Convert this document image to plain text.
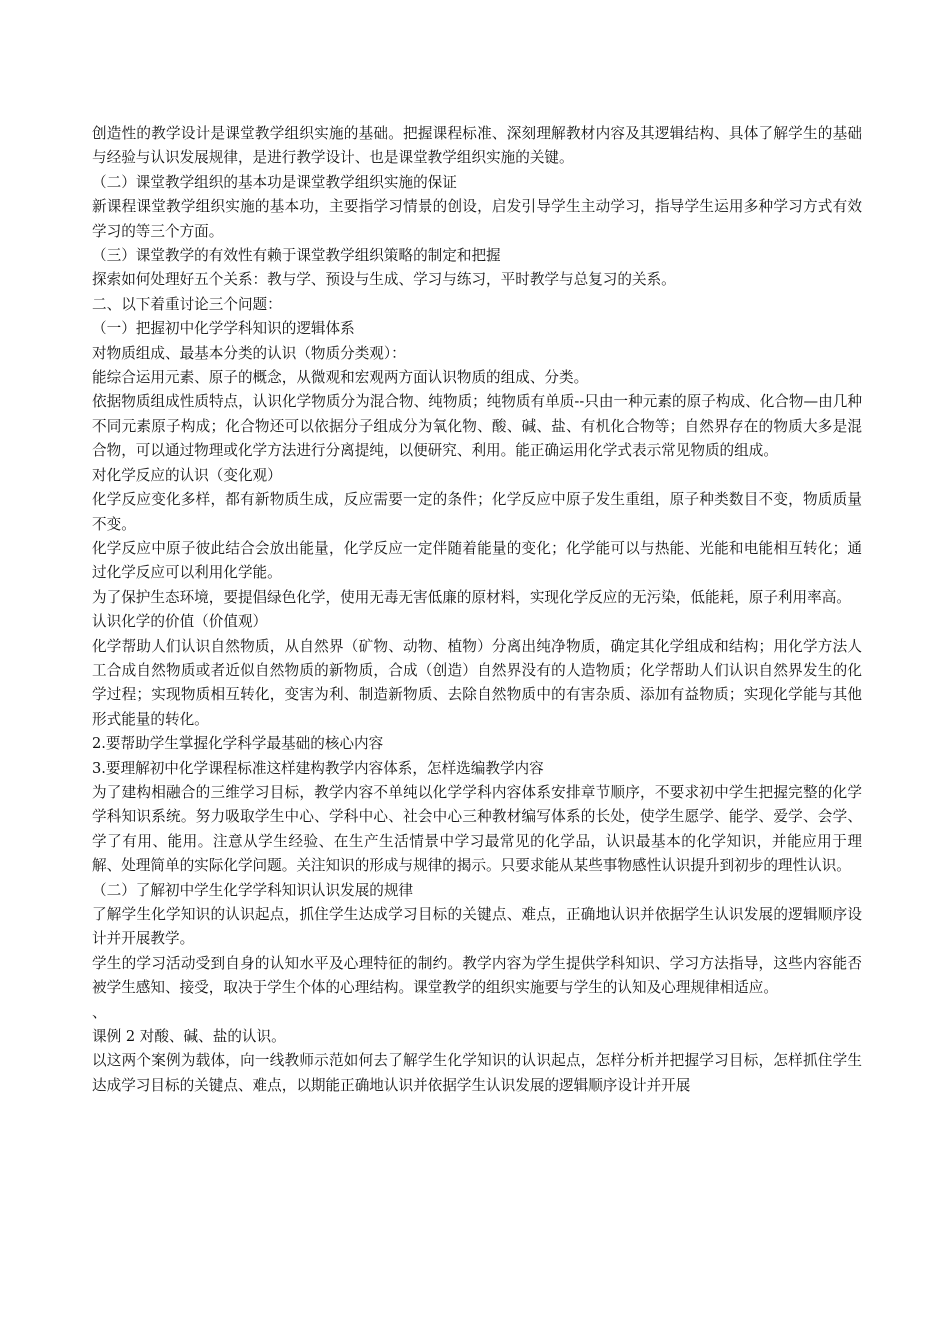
创造性的教学设计是课堂教学组织实施的基础。把握课程标准、深刻理解教材内容及其逻辑结构、具体了解学生的基础与经验与认识发展规律，是进行教学设计、也是课堂教学组织实施的关键。

（二）课堂教学组织的基本功是课堂教学组织实施的保证

新课程课堂教学组织实施的基本功，主要指学习情景的创设，启发引导学生主动学习，指导学生运用多种学习方式有效学习的等三个方面。

（三）课堂教学的有效性有赖于课堂教学组织策略的制定和把握

探索如何处理好五个关系：教与学、预设与生成、学习与练习，平时教学与总复习的关系。

二、以下着重讨论三个问题：

（一）把握初中化学学科知识的逻辑体系

对物质组成、最基本分类的认识（物质分类观）：

能综合运用元素、原子的概念，从微观和宏观两方面认识物质的组成、分类。

依据物质组成性质特点，认识化学物质分为混合物、纯物质；纯物质有单质--只由一种元素的原子构成、化合物—由几种不同元素原子构成；化合物还可以依据分子组成分为氧化物、酸、碱、盐、有机化合物等；自然界存在的物质大多是混合物，可以通过物理或化学方法进行分离提纯，以便研究、利用。能正确运用化学式表示常见物质的组成。

对化学反应的认识（变化观）

化学反应变化多样，都有新物质生成，反应需要一定的条件；化学反应中原子发生重组，原子种类数目不变，物质质量不变。

化学反应中原子彼此结合会放出能量，化学反应一定伴随着能量的变化；化学能可以与热能、光能和电能相互转化；通过化学反应可以利用化学能。

为了保护生态环境，要提倡绿色化学，使用无毒无害低廉的原材料，实现化学反应的无污染，低能耗，原子利用率高。

认识化学的价值（价值观）

化学帮助人们认识自然物质，从自然界（矿物、动物、植物）分离出纯净物质，确定其化学组成和结构；用化学方法人工合成自然物质或者近似自然物质的新物质，合成（创造）自然界没有的人造物质；化学帮助人们认识自然界发生的化学过程；实现物质相互转化，变害为利、制造新物质、去除自然物质中的有害杂质、添加有益物质；实现化学能与其他形式能量的转化。

2.要帮助学生掌握化学科学最基础的核心内容

3.要理解初中化学课程标准这样建构教学内容体系，怎样选编教学内容

为了建构相融合的三维学习目标，教学内容不单纯以化学学科内容体系安排章节顺序，不要求初中学生把握完整的化学学科知识系统。努力吸取学生中心、学科中心、社会中心三种教材编写体系的长处，使学生愿学、能学、爱学、会学、学了有用、能用。注意从学生经验、在生产生活情景中学习最常见的化学品，认识最基本的化学知识，并能应用于理解、处理简单的实际化学问题。关注知识的形成与规律的揭示。只要求能从某些事物感性认识提升到初步的理性认识。

（二）了解初中学生化学学科知识认识发展的规律

了解学生化学知识的认识起点，抓住学生达成学习目标的关键点、难点，正确地认识并依据学生认识发展的逻辑顺序设计并开展教学。

学生的学习活动受到自身的认知水平及心理特征的制约。教学内容为学生提供学科知识、学习方法指导，这些内容能否被学生感知、接受，取决于学生个体的心理结构。课堂教学的组织实施要与学生的认知及心理规律相适应。

、

课例 2 对酸、碱、盐的认识。

以这两个案例为载体，向一线教师示范如何去了解学生化学知识的认识起点，怎样分析并把握学习目标，怎样抓住学生达成学习目标的关键点、难点，以期能正确地认识并依据学生认识发展的逻辑顺序设计并开展
